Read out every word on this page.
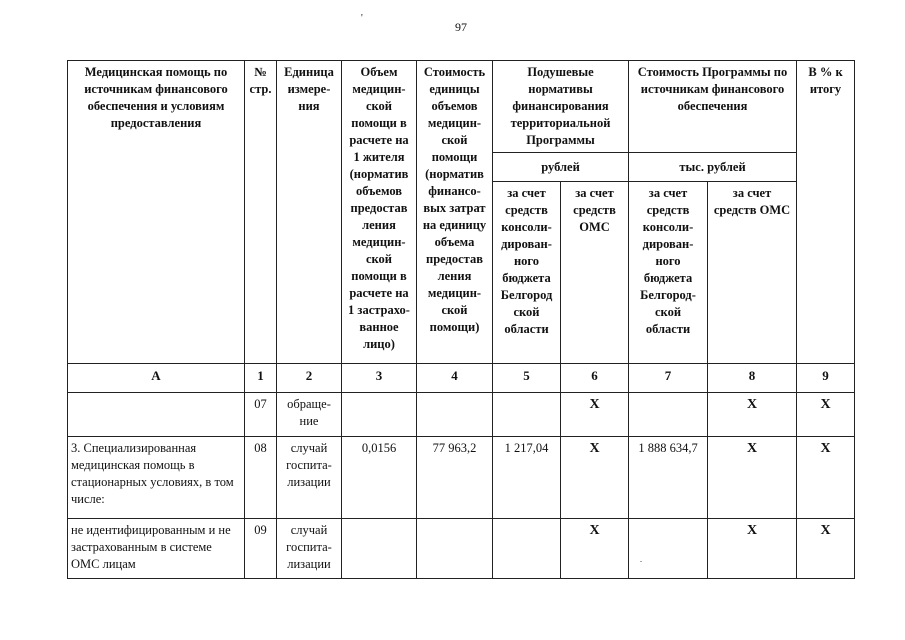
97
'
.
Медицинская помощь по источникам финансового обеспечения и условиям предоставления	№ стр.	Единица измере-ния	Объем медицин-ской помощи в расчете на 1 жителя (норматив объемов предостав ления медицин-ской помощи в расчете на 1 застрахо-ванное лицо)	Стоимость единицы объемов медицин-ской помощи (норматив финансо-вых затрат на единицу объема предостав ления медицин-ской помощи)	Подушевые нормативы финансирования территориальной Программы		Стоимость Программы по источникам финансового обеспечения		В % к итогу
					рублей		тыс. рублей		
					за счет средств консоли-дирован-ного бюджета Белгород ской области	за счет средств ОМС	за счет средств консоли-дирован-ного бюджета Белгород-ской области	за счет средств ОМС	
А	1	2	3	4	5	6	7	8	9
	07	обраще-ние				Х		Х	Х
3. Специализированная медицинская помощь в стационарных условиях, в том числе:	08	случай госпита-лизации	0,0156	77 963,2	1 217,04	Х	1 888 634,7	Х	Х
не идентифицированным и не застрахованным в системе ОМС лицам	09	случай госпита-лизации				Х		Х	Х
